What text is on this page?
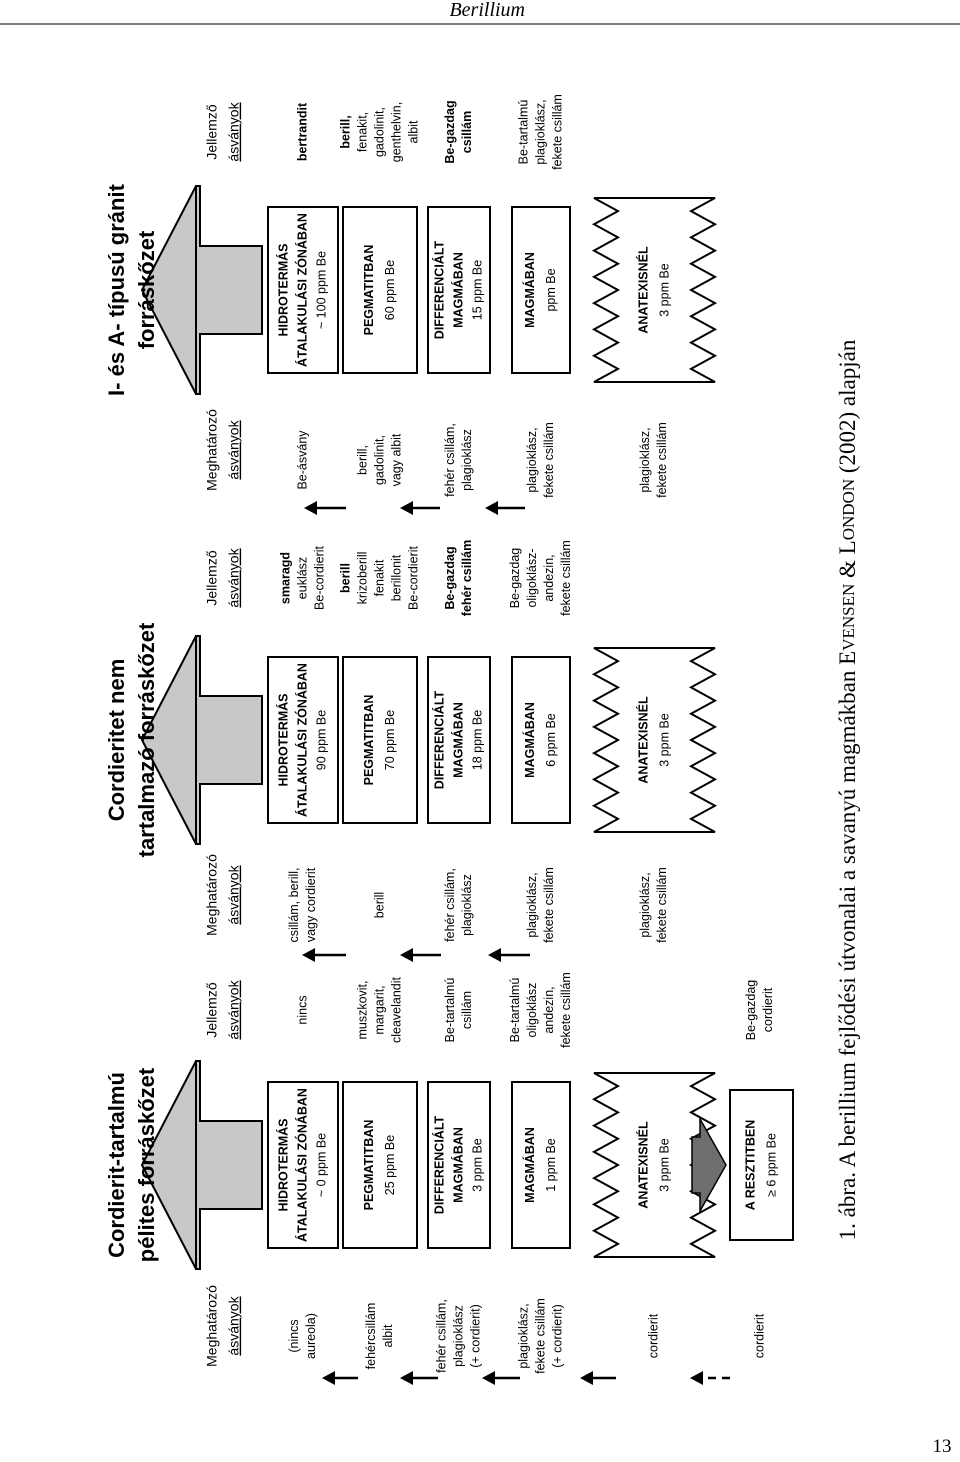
Berillium
13
1. ábra. A berillium fejlődési útvonalai a savanyú magmákban EVENSEN & LONDON (2002) alapján
Cordierit-tartalmú pélites forráskőzet
Meghatározó ásványok
Jellemző ásványok
HIDROTERMÁS ÁTALAKULÁSI ZÓNÁBAN ~ 0 ppm Be
(nincs aureola)
nincs
PEGMATITBAN 25 ppm Be
fehércsillám albit
muszkovit, margarit, cleavelandit
DIFFERENCIÁLT MAGMÁBAN 3 ppm Be
fehér csillám, plagioklász (+ cordierit)
Be-tartalmú csillám
MAGMÁBAN 1 ppm Be
plagioklász, fekete csillám (+ cordierit)
Be-tartalmú oligoklász andezin, fekete csillám
ANATEXISNÉL 3 ppm Be
cordierit
A RESZTITBEN ≥ 6 ppm Be
cordierit
Be-gazdag cordierit
Cordieritet nem tartalmazó forráskőzet
Meghatározó ásványok
Jellemző ásványok
HIDROTERMÁS ÁTALAKULÁSI ZÓNÁBAN 90 ppm Be
csillám, berill, vagy cordierit
smaragd euklász Be-cordierit
PEGMATITBAN 70 ppm Be
berill
berill krizoberill fenakit berillonit Be-cordierit
DIFFERENCIÁLT MAGMÁBAN 18 ppm Be
fehér csillám, plagioklász
Be-gazdag fehér csillám
MAGMÁBAN 6 ppm Be
plagioklász, fekete csillám
Be-gazdag oligoklász- andezin, fekete csillám
ANATEXISNÉL 3 ppm Be
plagioklász, fekete csillám
I- és A- típusú gránit forráskőzet
Meghatározó ásványok
Jellemző ásványok
HIDROTERMÁS ÁTALAKULÁSI ZÓNÁBAN ~ 100 ppm Be
Be-ásvány
bertrandit
PEGMATITBAN 60 ppm Be
berill, gadolinit, vagy albit
berill, fenakit, gadolinit, genthelvin, albit
DIFFERENCIÁLT MAGMÁBAN 15 ppm Be
fehér csillám, plagioklász
Be-gazdag csillám
MAGMÁBAN ppm Be
plagioklász, fekete csillám
Be-tartalmú plagioklász, fekete csillám
ANATEXISNÉL 3 ppm Be
plagioklász, fekete csillám
